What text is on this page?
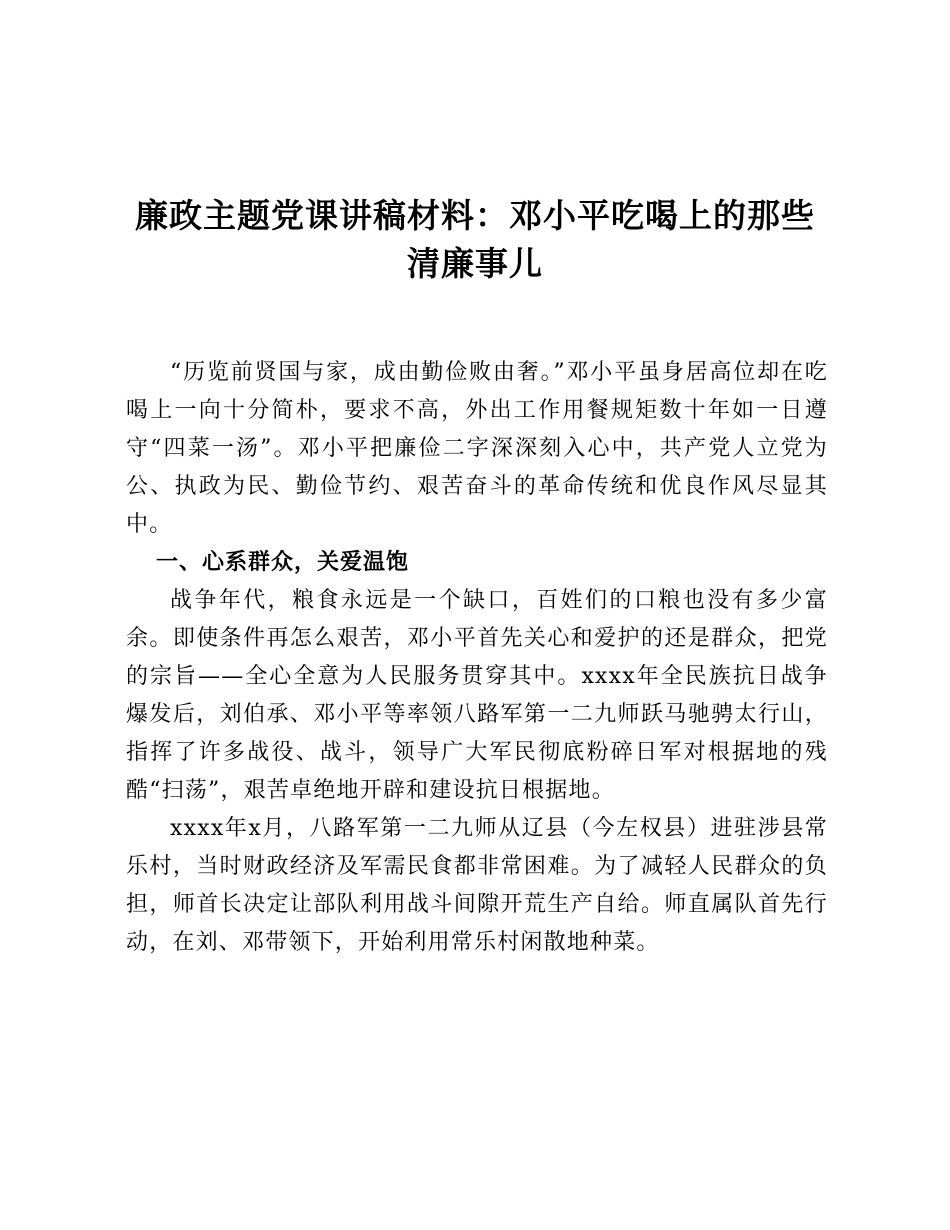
廉政主题党课讲稿材料：邓小平吃喝上的那些
清廉事儿

“历览前贤国与家，成由勤俭败由奢。”邓小平虽身居高位却在吃喝上一向十分简朴，要求不高，外出工作用餐规矩数十年如一日遵守“四菜一汤”。邓小平把廉俭二字深深刻入心中，共产党人立党为公、执政为民、勤俭节约、艰苦奋斗的革命传统和优良作风尽显其中。

一、心系群众，关爱温饱

战争年代，粮食永远是一个缺口，百姓们的口粮也没有多少富余。即使条件再怎么艰苦，邓小平首先关心和爱护的还是群众，把党的宗旨——全心全意为人民服务贯穿其中。xxxx年全民族抗日战争爆发后，刘伯承、邓小平等率领八路军第一二九师跃马驰骋太行山，指挥了许多战役、战斗，领导广大军民彻底粉碎日军对根据地的残酷“扫荡”，艰苦卓绝地开辟和建设抗日根据地。

xxxx年x月，八路军第一二九师从辽县（今左权县）进驻涉县常乐村，当时财政经济及军需民食都非常困难。为了减轻人民群众的负担，师首长决定让部队利用战斗间隙开荒生产自给。师直属队首先行动，在刘、邓带领下，开始利用常乐村闲散地种菜。
